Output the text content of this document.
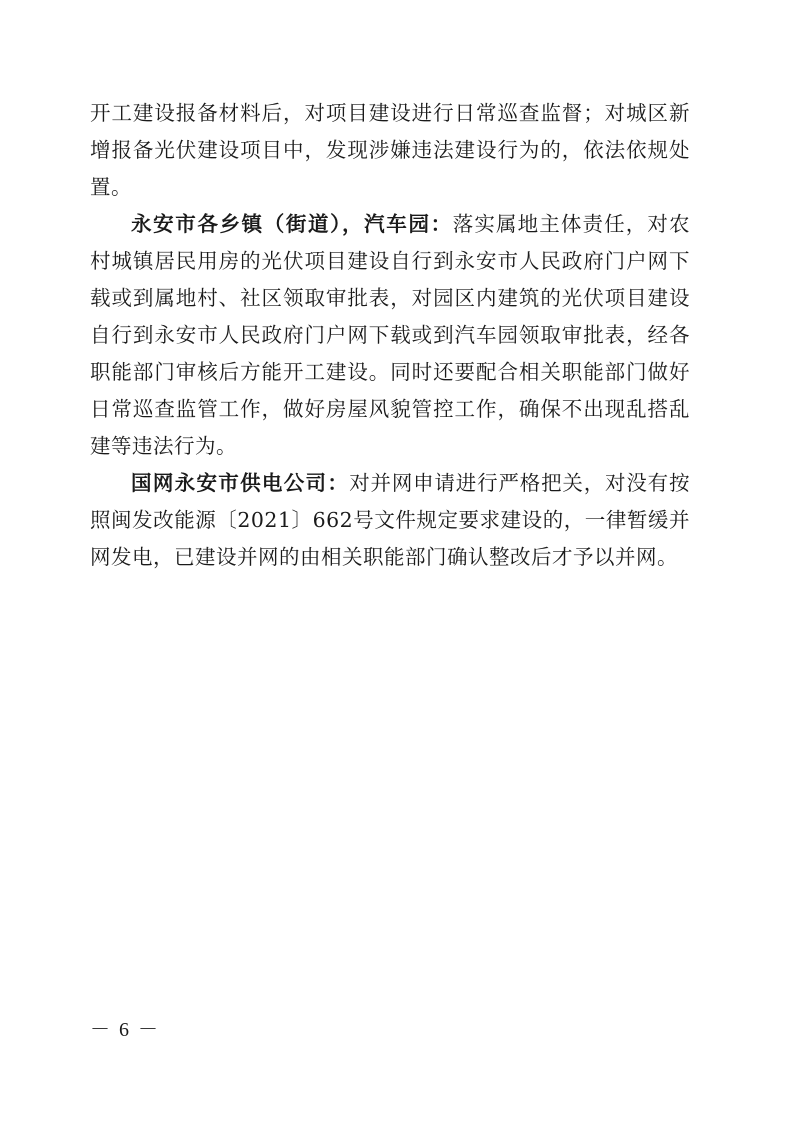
开工建设报备材料后，对项目建设进行日常巡查监督；对城区新增报备光伏建设项目中，发现涉嫌违法建设行为的，依法依规处置。

永安市各乡镇（街道），汽车园：落实属地主体责任，对农村城镇居民用房的光伏项目建设自行到永安市人民政府门户网下载或到属地村、社区领取审批表，对园区内建筑的光伏项目建设自行到永安市人民政府门户网下载或到汽车园领取审批表，经各职能部门审核后方能开工建设。同时还要配合相关职能部门做好日常巡查监管工作，做好房屋风貌管控工作，确保不出现乱搭乱建等违法行为。

国网永安市供电公司：对并网申请进行严格把关，对没有按照闽发改能源〔2021〕662号文件规定要求建设的，一律暂缓并网发电，已建设并网的由相关职能部门确认整改后才予以并网。

－ 6 －
